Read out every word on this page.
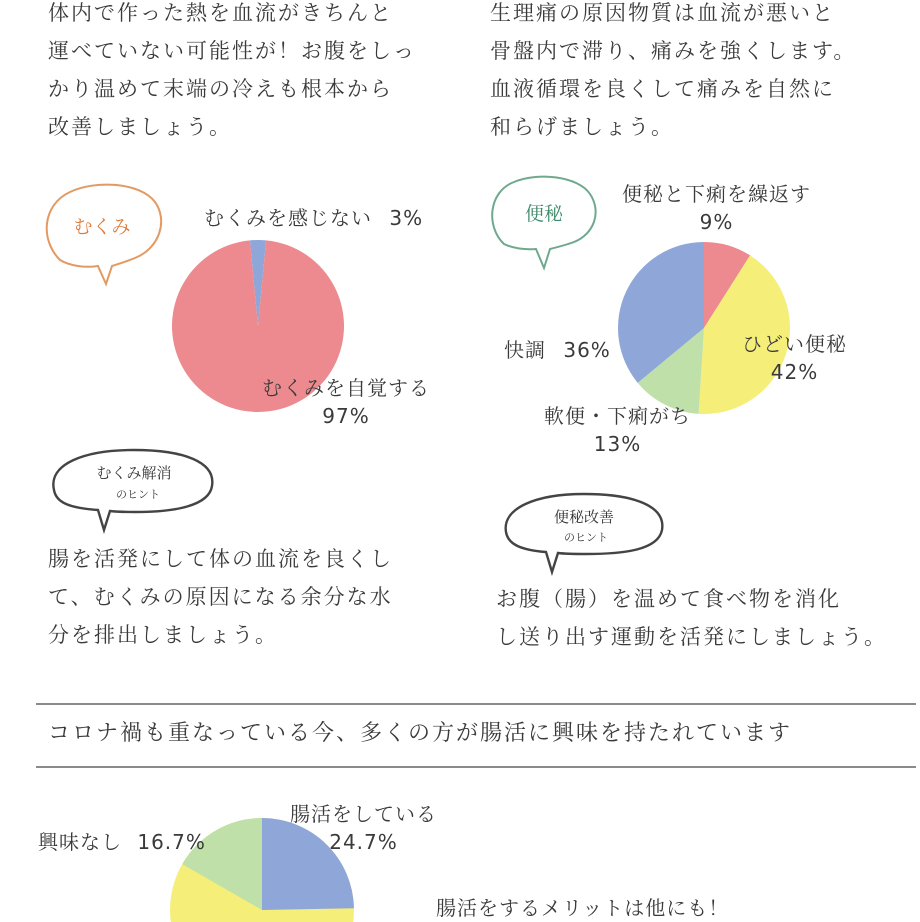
体内で作った熱を血流がきちんと
運べていない可能性が！お腹をしっ
かり温めて末端の冷えも根本から
改善しましょう。
生理痛の原因物質は血流が悪いと
骨盤内で滞り、痛みを強くします。
血液循環を良くして痛みを自然に
和らげましょう。
むくみ
便秘
むくみを感じない 3%
むくみを自覚する
97%
便秘と下痢を繰返す
9%
ひどい便秘
42%
軟便・下痢がち
13%
快調 36%
むくみ解消
のヒント
便秘改善
のヒント
腸を活発にして体の血流を良くし
て、むくみの原因になる余分な水
分を排出しましょう。
お腹（腸）を温めて食べ物を消化
し送り出す運動を活発にしましょう。
コロナ禍も重なっている今、多くの方が腸活に興味を持たれています
腸活をしている
24.7%
興味なし 16.7%
腸活をするメリットは他にも！
